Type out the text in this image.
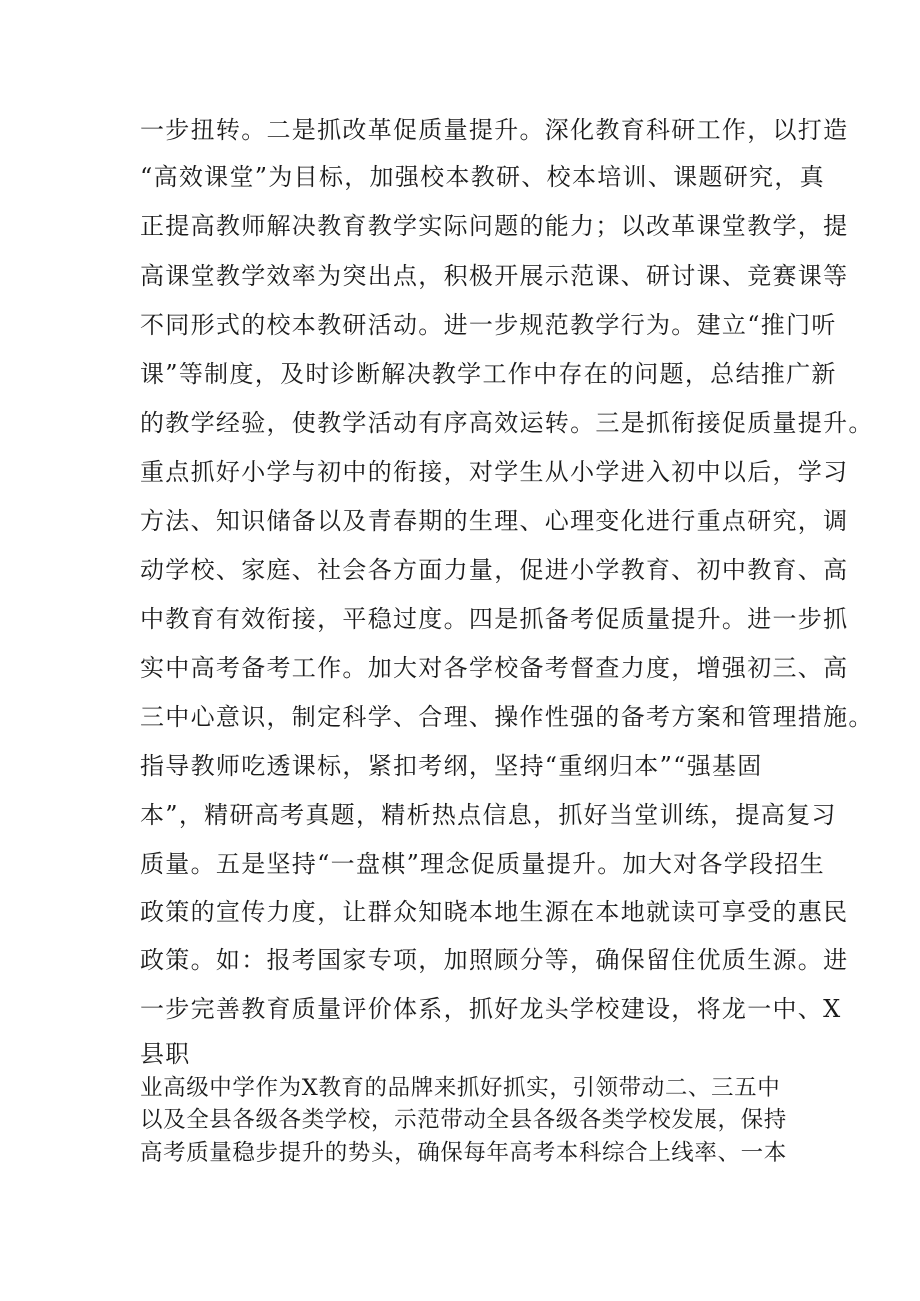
一步扭转。二是抓改革促质量提升。深化教育科研工作，以打造
“高效课堂”为目标，加强校本教研、校本培训、课题研究，真
正提高教师解决教育教学实际问题的能力；以改革课堂教学，提
高课堂教学效率为突出点，积极开展示范课、研讨课、竞赛课等
不同形式的校本教研活动。进一步规范教学行为。建立“推门听
课”等制度，及时诊断解决教学工作中存在的问题，总结推广新
的教学经验，使教学活动有序高效运转。三是抓衔接促质量提升。
重点抓好小学与初中的衔接，对学生从小学进入初中以后，学习
方法、知识储备以及青春期的生理、心理变化进行重点研究，调
动学校、家庭、社会各方面力量，促进小学教育、初中教育、高
中教育有效衔接，平稳过度。四是抓备考促质量提升。进一步抓
实中高考备考工作。加大对各学校备考督查力度，增强初三、高
三中心意识，制定科学、合理、操作性强的备考方案和管理措施。
指导教师吃透课标，紧扣考纲，坚持“重纲归本”“强基固
本”，精研高考真题，精析热点信息，抓好当堂训练，提高复习
质量。五是坚持“一盘棋”理念促质量提升。加大对各学段招生
政策的宣传力度，让群众知晓本地生源在本地就读可享受的惠民
政策。如：报考国家专项，加照顾分等，确保留住优质生源。进
一步完善教育质量评价体系，抓好龙头学校建设，将龙一中、X
县职
业高级中学作为X教育的品牌来抓好抓实，引领带动二、三五中
以及全县各级各类学校，示范带动全县各级各类学校发展，保持
高考质量稳步提升的势头，确保每年高考本科综合上线率、一本
